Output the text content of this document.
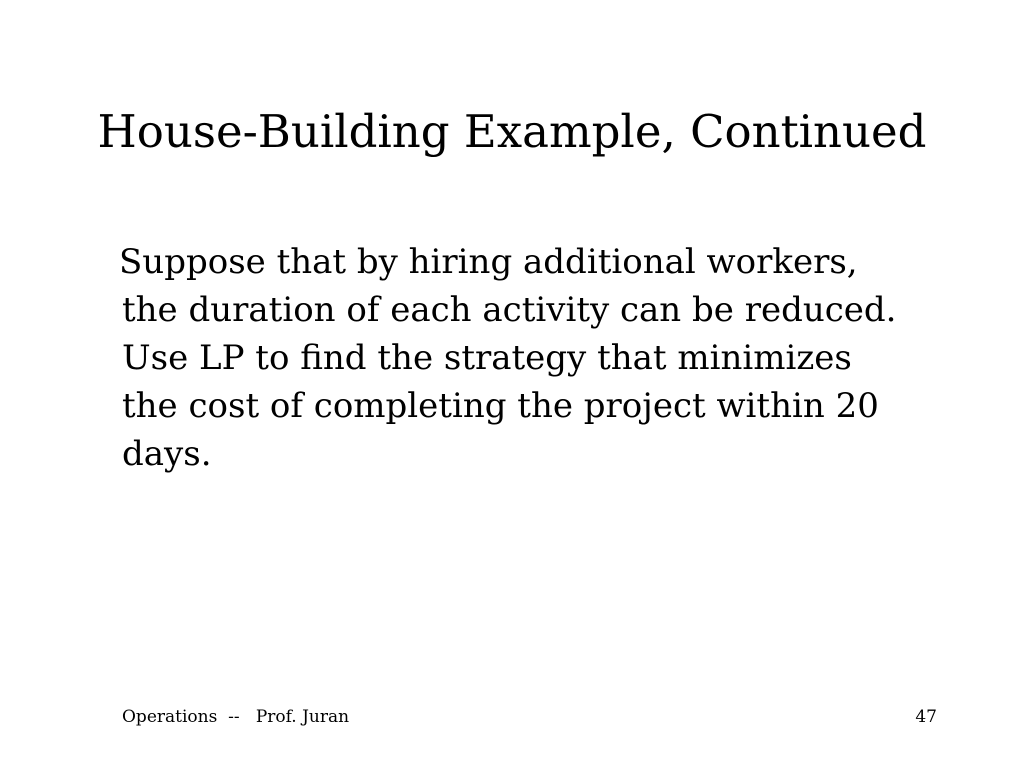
House-Building Example, Continued
Suppose that by hiring additional workers,
the duration of each activity can be reduced.
Use LP to find the strategy that minimizes
the cost of completing the project within 20
days.
Operations  --   Prof. Juran	47
